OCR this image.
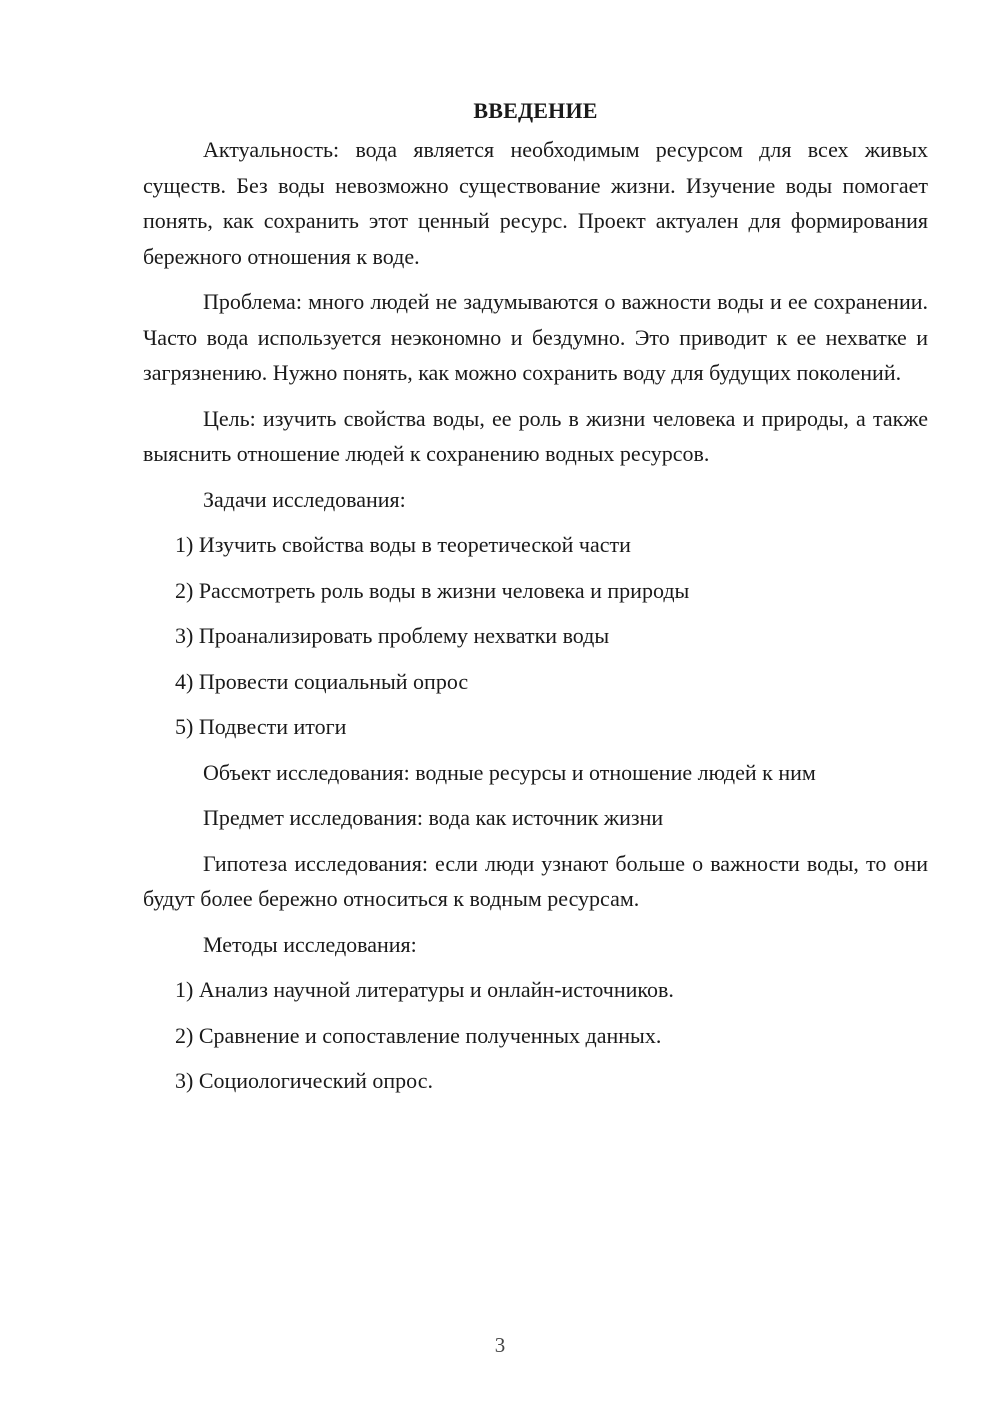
ВВЕДЕНИЕ

Актуальность: вода является необходимым ресурсом для всех живых существ. Без воды невозможно существование жизни. Изучение воды помогает понять, как сохранить этот ценный ресурс. Проект актуален для формирования бережного отношения к воде.

Проблема: много людей не задумываются о важности воды и ее сохранении. Часто вода используется неэкономно и бездумно. Это приводит к ее нехватке и загрязнению. Нужно понять, как можно сохранить воду для будущих поколений.

Цель: изучить свойства воды, ее роль в жизни человека и природы, а также выяснить отношение людей к сохранению водных ресурсов.

Задачи исследования:
1) Изучить свойства воды в теоретической части
2) Рассмотреть роль воды в жизни человека и природы
3) Проанализировать проблему нехватки воды
4) Провести социальный опрос
5) Подвести итоги
Объект исследования: водные ресурсы и отношение людей к ним
Предмет исследования: вода как источник жизни

Гипотеза исследования: если люди узнают больше о важности воды, то они будут более бережно относиться к водным ресурсам.

Методы исследования:
1) Анализ научной литературы и онлайн-источников.
2) Сравнение и сопоставление полученных данных.
3) Социологический опрос.
3
